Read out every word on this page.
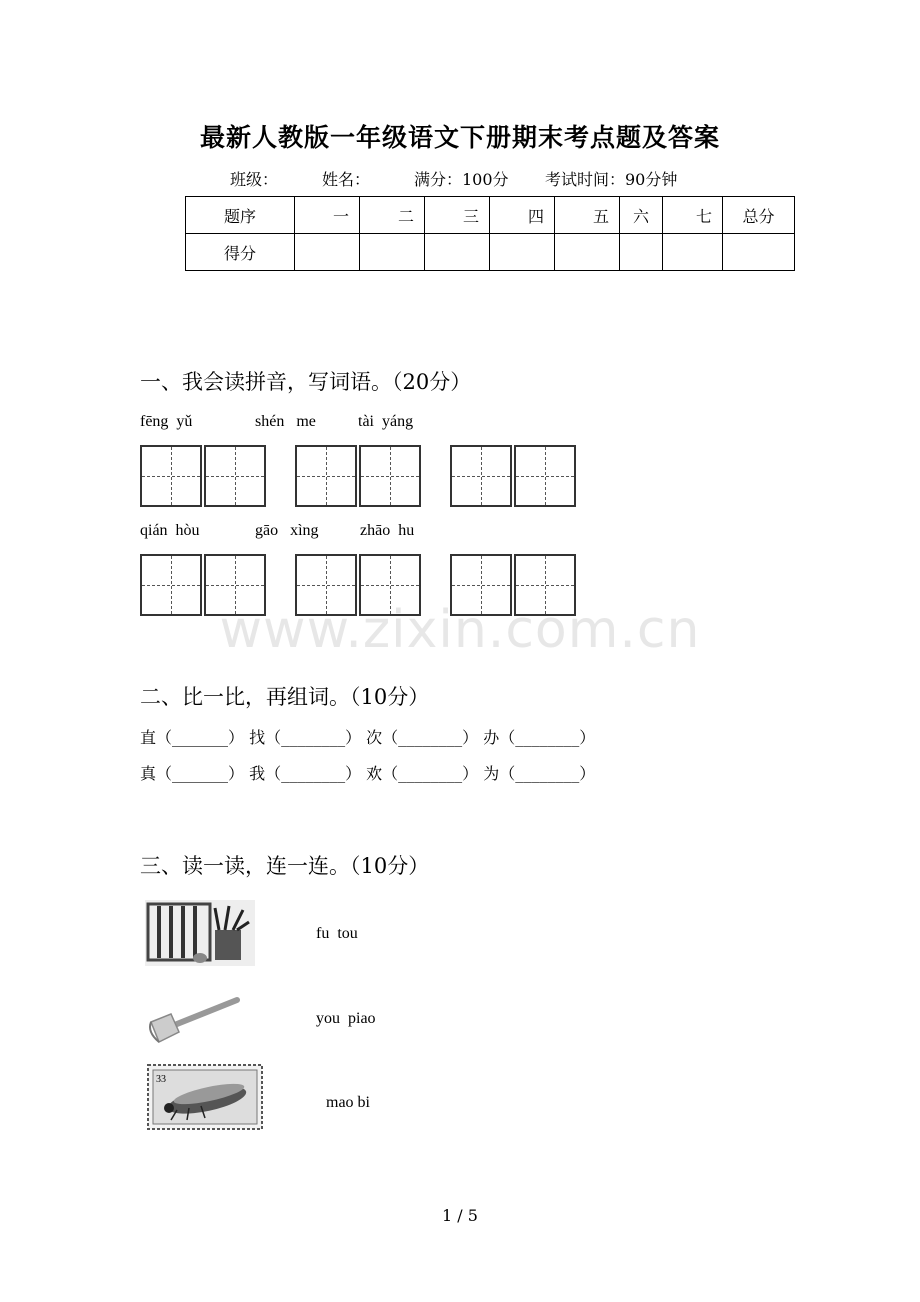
最新人教版一年级语文下册期末考点题及答案
班级：	姓名：	满分：100分 考试时间：90分钟
题序	一	二	三	四	五	六	七	总分
得分								
一、我会读拼音，写词语。（20分）
fēng  yǔ	shén   me	tài  yáng
qián  hòu	gāo   xìng	zhāo  hu
www.zixin.com.cn
二、比一比，再组词。（10分）
直（_______） 找（________） 次（________） 办（________）
真（_______） 我（________） 欢（________） 为（________）
三、读一读，连一连。（10分）
fu  tou
you  piao
33
mao bi
1 / 5
